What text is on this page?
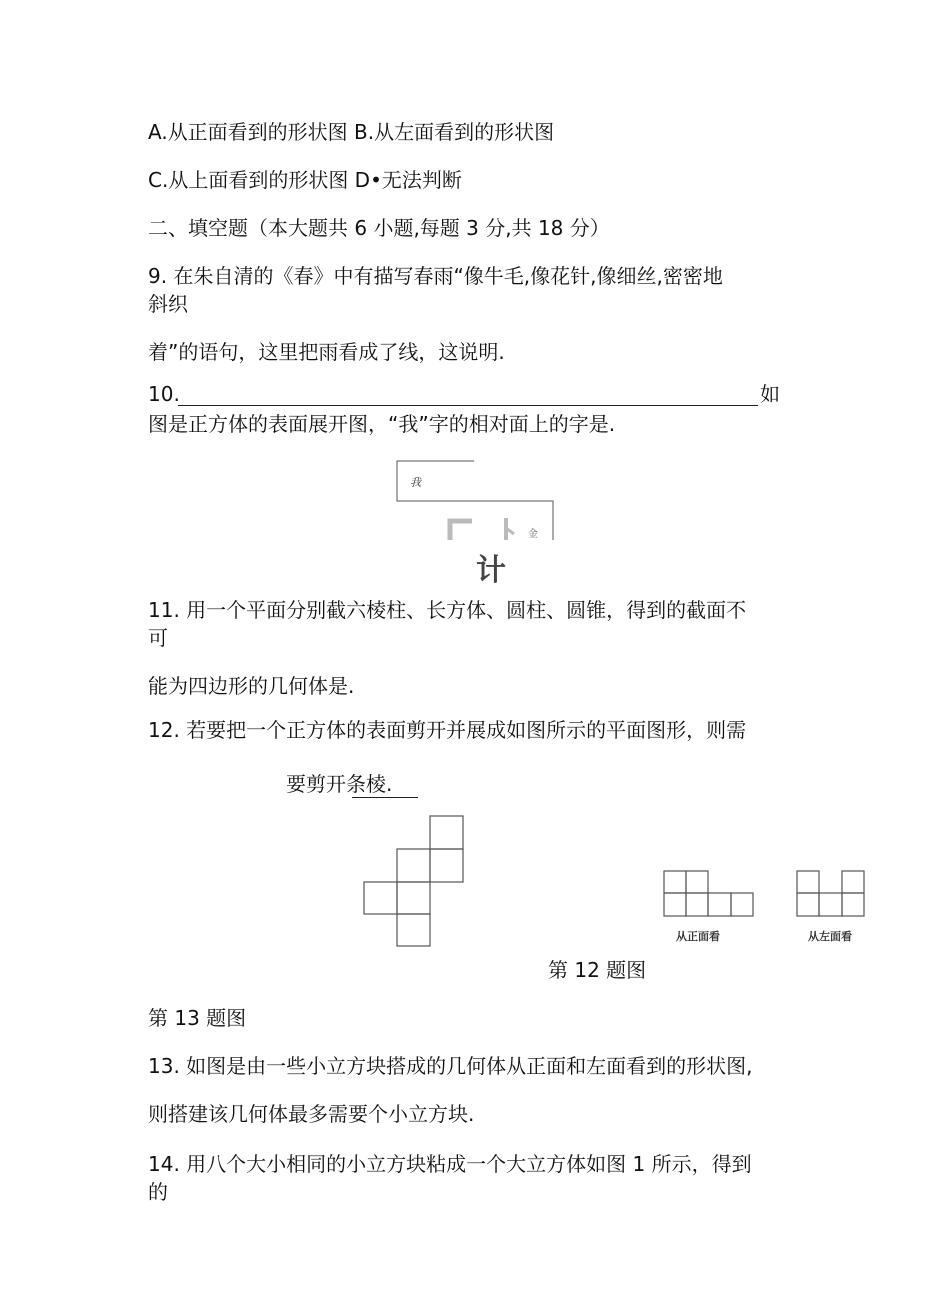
A.从正面看到的形状图 B.从左面看到的形状图
C.从上面看到的形状图 D•无法判断
二、填空题（本大题共 6 小题,每题 3 分,共 18 分）
9. 在朱自清的《春》中有描写春雨“像牛毛,像花针,像细丝,密密地
斜织
着”的语句，这里把雨看成了线，这说明.
10.	如
图是正方体的表面展开图，“我”字的相对面上的字是.
我
金
计
11. 用一个平面分别截六棱柱、长方体、圆柱、圆锥，得到的截面不
可
能为四边形的几何体是.
12. 若要把一个正方体的表面剪开并展成如图所示的平面图形，则需
要剪开条棱.
从正面看	从左面看
第 12 题图
第 13 题图
13. 如图是由一些小立方块搭成的几何体从正面和左面看到的形状图,
则搭建该几何体最多需要个小立方块.
14. 用八个大小相同的小立方块粘成一个大立方体如图 1 所示，得到
的
